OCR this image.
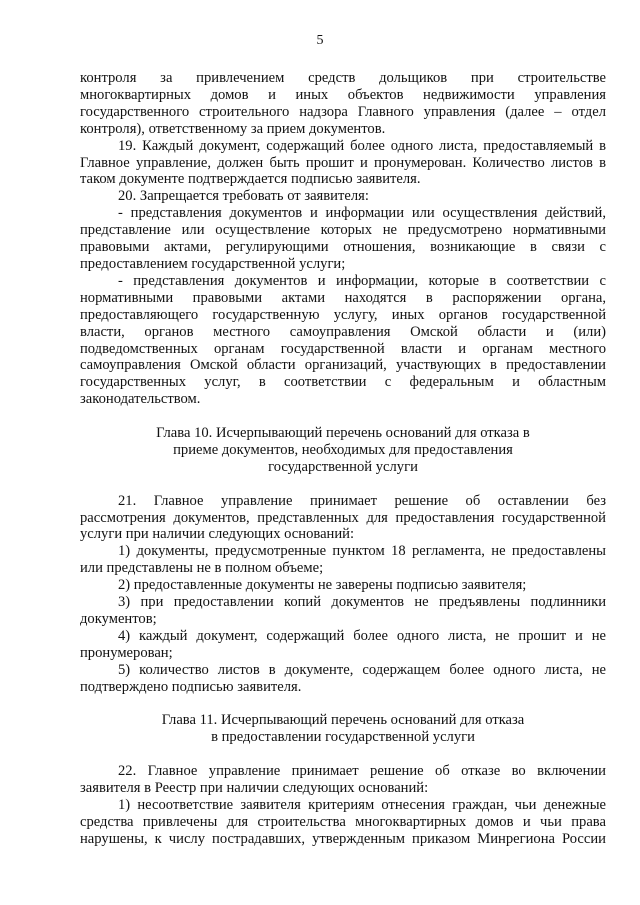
5

контроля за привлечением средств дольщиков при строительстве

многоквартирных домов и иных объектов недвижимости управления

государственного строительного надзора Главного управления (далее – отдел

контроля), ответственному за прием документов.

19. Каждый документ, содержащий более одного листа, предоставляемый в

Главное управление, должен быть прошит и пронумерован. Количество листов в

таком документе подтверждается подписью заявителя.

20. Запрещается требовать от заявителя:

- представления документов и информации или осуществления действий,

представление или осуществление которых не предусмотрено нормативными

правовыми актами, регулирующими отношения, возникающие в связи с

предоставлением государственной услуги;

- представления документов и информации, которые в соответствии с

нормативными правовыми актами находятся в распоряжении органа,

предоставляющего государственную услугу, иных органов государственной

власти, органов местного самоуправления Омской области и (или)

подведомственных органам государственной власти и органам местного

самоуправления Омской области организаций, участвующих в предоставлении

государственных услуг, в соответствии с федеральным и областным

законодательством.

Глава 10. Исчерпывающий перечень оснований для отказа в

приеме документов, необходимых для предоставления

государственной услуги

21. Главное управление принимает решение об оставлении без

рассмотрения документов, представленных для предоставления государственной

услуги при наличии следующих оснований:

1) документы, предусмотренные пунктом 18 регламента, не предоставлены

или представлены не в полном объеме;

2) предоставленные документы не заверены подписью заявителя;

3) при предоставлении копий документов не предъявлены подлинники

документов;

4) каждый документ, содержащий более одного листа, не прошит и не

пронумерован;

5) количество листов в документе, содержащем более одного листа, не

подтверждено подписью заявителя.

Глава 11. Исчерпывающий перечень оснований для отказа

в предоставлении государственной услуги

22. Главное управление принимает решение об отказе во включении

заявителя в Реестр при наличии следующих оснований:

1) несоответствие заявителя критериям отнесения граждан, чьи денежные

средства привлечены для строительства многоквартирных домов и чьи права

нарушены, к числу пострадавших, утвержденным приказом Минрегиона России
